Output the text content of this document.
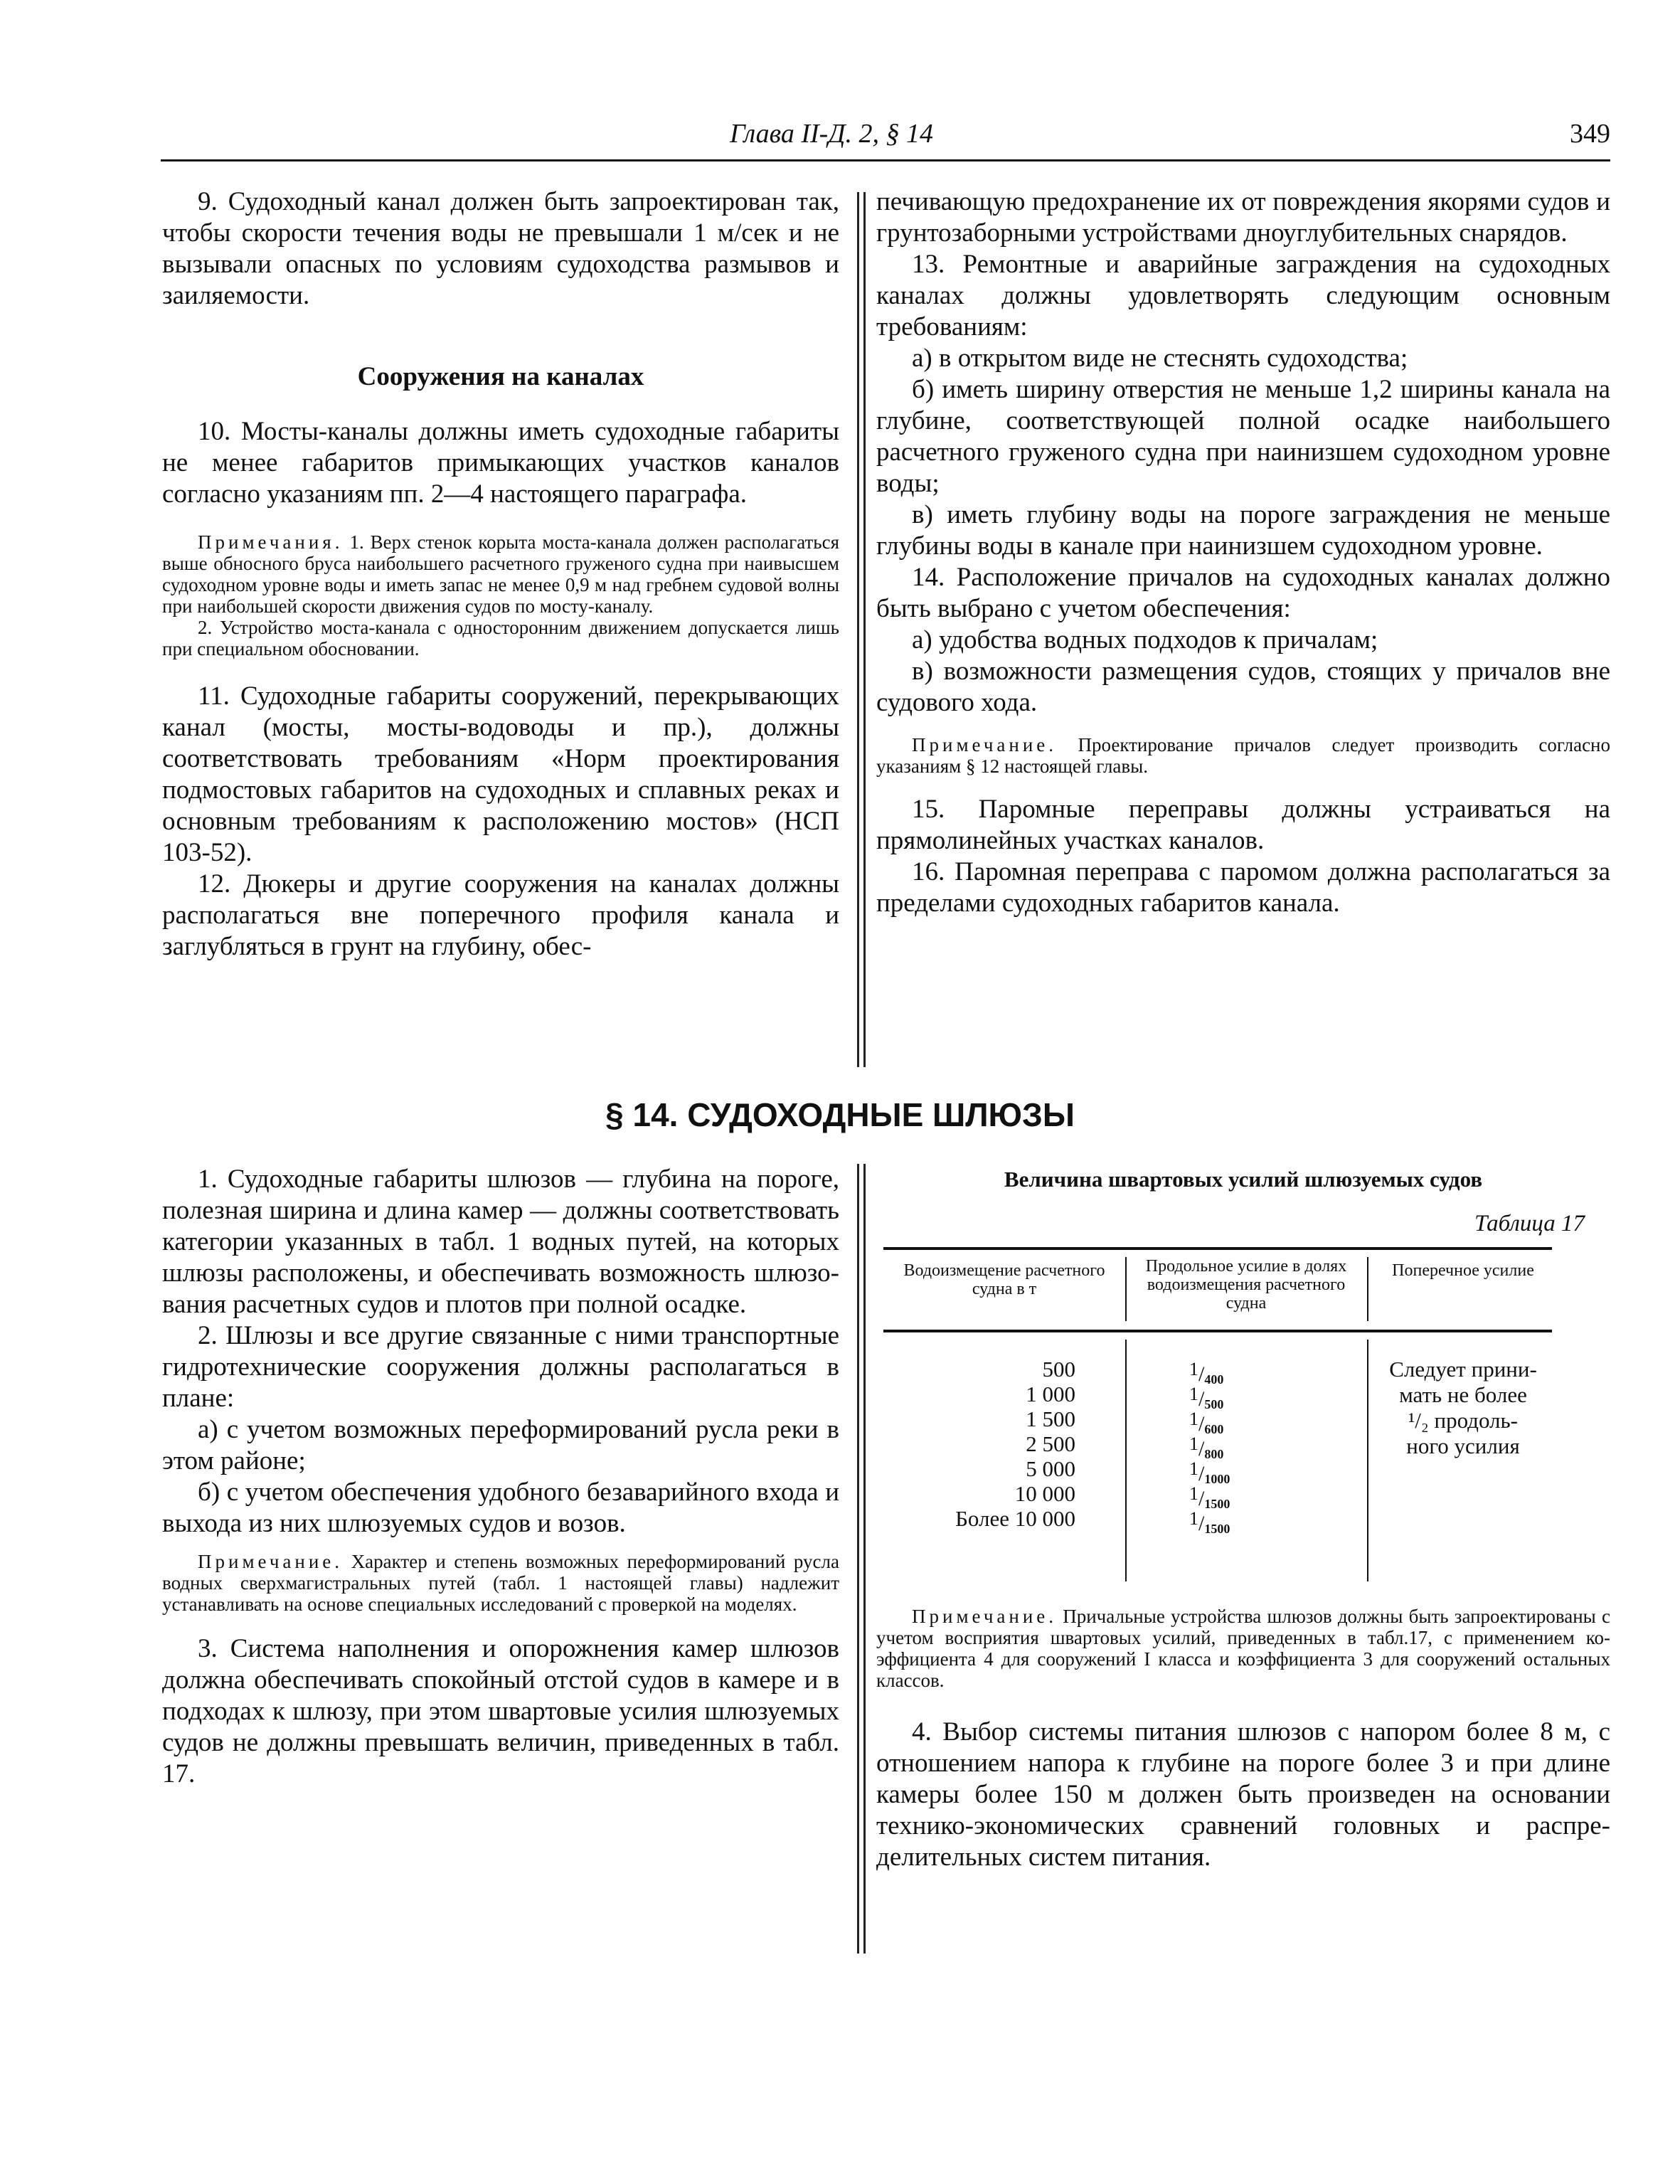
Глава II-Д. 2, § 14	349

9. Судоходный канал должен быть запроектирован так, чтобы скорости течения воды не превышали 1 м/сек и не вызывали опасных по условиям судоходства размывов и заиляемости.

Сооружения на каналах

10. Мосты-каналы должны иметь судоходные габариты не менее габаритов примыкающих участков каналов согласно указаниям пп. 2—4 настоящего параграфа.

Примечания. 1. Верх стенок корыта моста-канала должен располагаться выше обносного бруса наибольшего расчетного груженого судна при наивысшем судоходном уровне воды и иметь запас не менее 0,9 м над гребнем судовой волны при наибольшей скорости движения судов по мосту-каналу.

2. Устройство моста-канала с односторонним движением допускается лишь при специальном обосновании.

11. Судоходные габариты сооружений, перекрывающих канал (мосты, мосты-водоводы и пр.), должны соответствовать требованиям «Норм проектирования подмостовых габаритов на судоходных и сплавных реках и основным требованиям к расположению мостов» (НСП 103-52).

12. Дюкеры и другие сооружения на каналах должны располагаться вне поперечного профиля канала и заглубляться в грунт на глубину, обес-

печивающую предохранение их от повреждения якорями судов и грунтозаборными устройствами дноуглубительных снарядов.

13. Ремонтные и аварийные заграждения на судоходных каналах должны удовлетворять следующим основным требованиям:

а) в открытом виде не стеснять судоходства;

б) иметь ширину отверстия не меньше 1,2 ширины канала на глубине, соответствующей полной осадке наибольшего расчетного груженого судна при наинизшем судоходном уровне воды;

в) иметь глубину воды на пороге заграждения не меньше глубины воды в канале при наинизшем судоходном уровне.

14. Расположение причалов на судоходных каналах должно быть выбрано с учетом обеспечения:

а) удобства водных подходов к причалам;

в) возможности размещения судов, стоящих у причалов вне судового хода.

Примечание. Проектирование причалов следует производить согласно указаниям § 12 настоящей главы.

15. Паромные переправы должны устраиваться на прямолинейных участках каналов.

16. Паромная переправа с паромом должна располагаться за пределами судоходных габаритов канала.

§ 14. СУДОХОДНЫЕ ШЛЮЗЫ

1. Судоходные габариты шлюзов — глубина на пороге, полезная ширина и длина камер — должны соответствовать категории указанных в табл. 1 водных путей, на которых шлюзы расположены, и обеспечивать возможность шлюзования расчетных судов и плотов при полной осадке.

2. Шлюзы и все другие связанные с ними транспортные гидротехнические сооружения должны располагаться в плане:

а) с учетом возможных переформирований русла реки в этом районе;

б) с учетом обеспечения удобного безаварийного входа и выхода из них шлюзуемых судов и возов.

Примечание. Характер и степень возможных переформирований русла водных сверхмагистральных путей (табл. 1 настоящей главы) надлежит устанавливать на основе специальных исследований с проверкой на моделях.

3. Система наполнения и опорожнения камер шлюзов должна обеспечивать спокойный отстой судов в камере и в подходах к шлюзу, при этом швартовые усилия шлюзуемых судов не должны превышать величин, приведенных в табл. 17.

Величина швартовых усилий шлюзуемых судов
Таблица 17
Водоизмещение расчетного судна в т
Продольное усилие в долях водоизмещения расчетного судна
Поперечное усилие
500
1 000
1 500
2 500
5 000
10 000
Более 10 000
$^1$/400
$^1$/500
$^1$/600
$^1$/800
$^1$/1000
$^1$/1500
$^1$/1500
Следует прини-
мать не более
¹/₂ продоль-
ного усилия

Примечание. Причальные устройства шлюзов должны быть запроектированы с учетом восприятия швартовых усилий, приведенных в табл.17, с применением коэффициента 4 для сооружений I класса и коэффициента 3 для сооружений остальных классов.

4. Выбор системы питания шлюзов с напором более 8 м, с отношением напора к глубине на пороге более 3 и при длине камеры более 150 м должен быть произведен на основании технико-экономических сравнений головных и распределительных систем питания.
